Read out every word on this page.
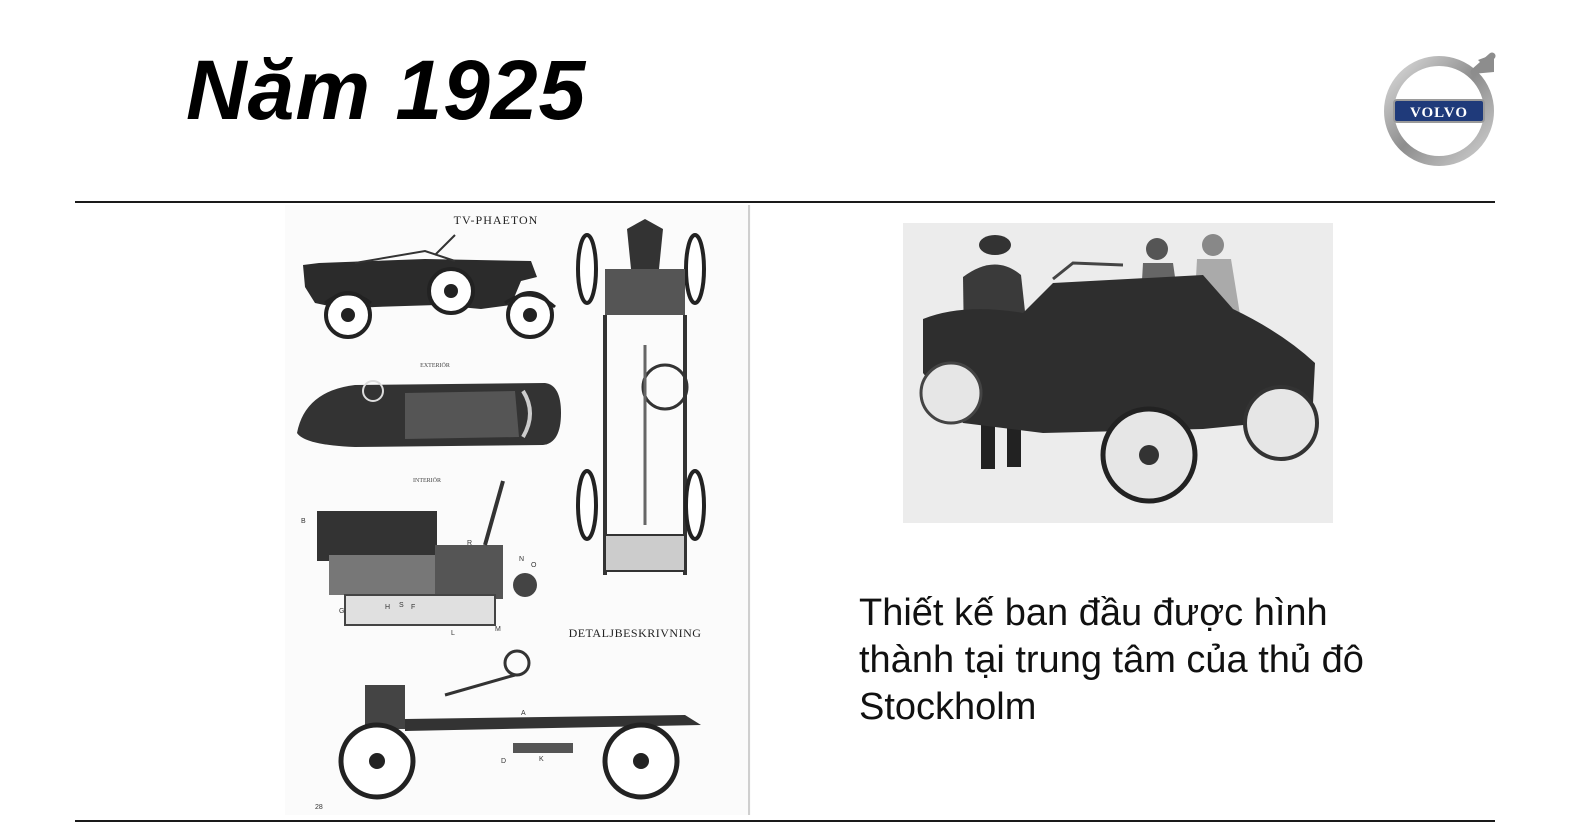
Năm 1925	VOLVO
TV-PHAETON
EXTERIÖR
INTERIÖR
B
R
N
O
G
H S F
L
M	DETALJBESKRIVNING
A
D	K
28

Thiết kế ban đầu được hình thành tại trung tâm của thủ đô Stockholm
